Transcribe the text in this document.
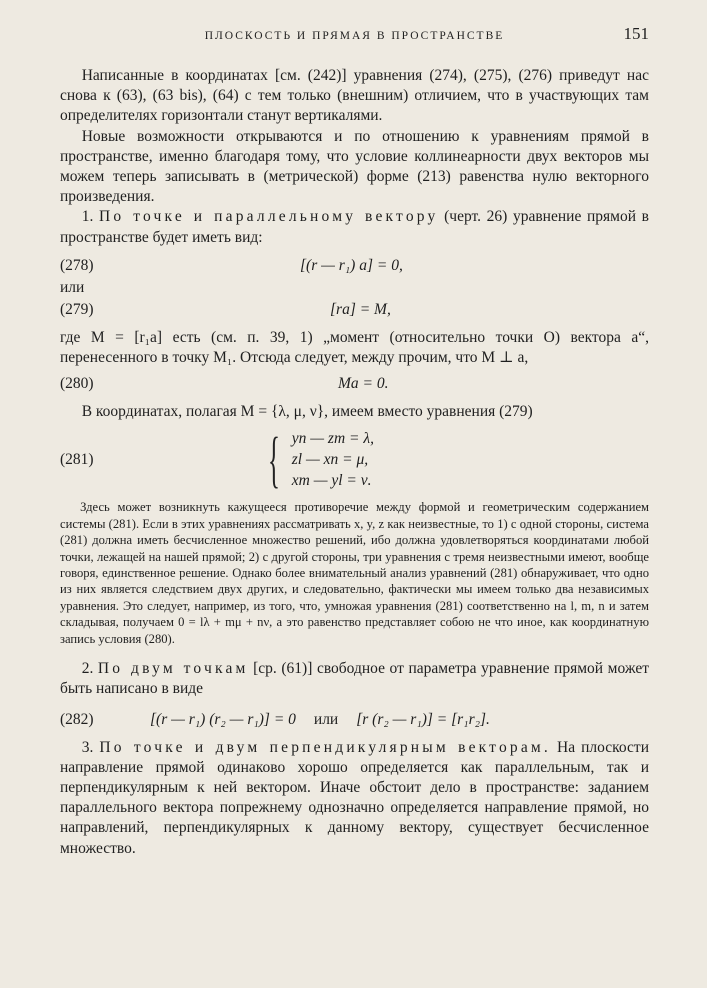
ПЛОСКОСТЬ И ПРЯМАЯ В ПРОСТРАНСТВЕ	151

Написанные в координатах [см. (242)] уравнения (274), (275), (276) приведут нас снова к (63), (63 bis), (64) с тем только (внешним) отличием, что в участвующих там определителях горизонтали станут вертикалями.

Новые возможности открываются и по отношению к уравнениям прямой в пространстве, именно благодаря тому, что условие коллинеарности двух векторов мы можем теперь записывать в (метрической) форме (213) равенства нулю векторного произведения.

1. По точке и параллельному вектору (черт. 26) уравнение прямой в пространстве будет иметь вид:

(278)	[(r — r₁) a] = 0,
или
(279)	[ra] = M,

где M = [r₁a] есть (см. п. 39, 1) „момент (относительно точки O) вектора a“, перенесенного в точку M₁. Отсюда следует, между прочим, что M ⊥ a,

(280)	Ma = 0.

В координатах, полагая M = {λ, μ, ν}, имеем вместо уравнения (279)

(281)	{ yn — zm = λ,
zl — xn = μ,
xm — yl = ν.

Здесь может возникнуть кажущееся противоречие между формой и геометрическим содержанием системы (281). Если в этих уравнениях рассматривать x, y, z как неизвестные, то 1) с одной стороны, система (281) должна иметь бесчисленное множество решений, ибо должна удовлетворяться координатами любой точки, лежащей на нашей прямой; 2) с другой стороны, три уравнения с тремя неизвестными имеют, вообще говоря, единственное решение. Однако более внимательный анализ уравнений (281) обнаруживает, что одно из них является следствием двух других, и следовательно, фактически мы имеем только два независимых уравнения. Это следует, например, из того, что, умножая уравнения (281) соответственно на l, m, n и затем складывая, получаем 0 = lλ + mμ + nν, а это равенство представляет собою не что иное, как координатную запись условия (280).

2. По двум точкам [ср. (61)] свободное от параметра уравнение прямой может быть написано в виде

(282)	[(r — r₁) (r₂ — r₁)] = 0	или	[r (r₂ — r₁)] = [r₁r₂].

3. По точке и двум перпендикулярным векторам. На плоскости направление прямой одинаково хорошо определяется как параллельным, так и перпендикулярным к ней вектором. Иначе обстоит дело в пространстве: заданием параллельного вектора попрежнему однозначно определяется направление прямой, но направлений, перпендикулярных к данному вектору, существует бесчисленное множество.
